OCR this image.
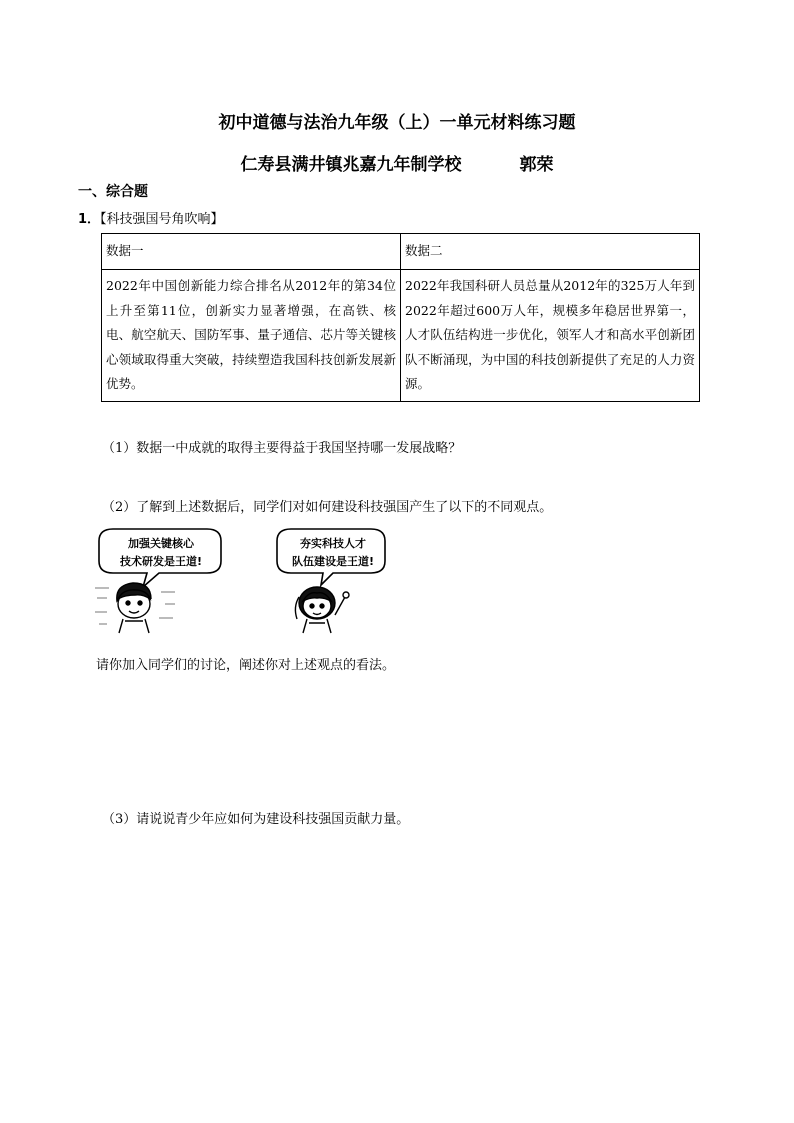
初中道德与法治九年级（上）一单元材料练习题
仁寿县满井镇兆嘉九年制学校	郭荣
一、综合题
1．【科技强国号角吹响】
数据一	数据二
2022年中国创新能力综合排名从2012年的第34位上升至第11位，创新实力显著增强，在高铁、核电、航空航天、国防军事、量子通信、芯片等关键核心领域取得重大突破，持续塑造我国科技创新发展新优势。	2022年我国科研人员总量从2012年的325万人年到2022年超过600万人年，规模多年稳居世界第一，人才队伍结构进一步优化，领军人才和高水平创新团队不断涌现，为中国的科技创新提供了充足的人力资源。
（1）数据一中成就的取得主要得益于我国坚持哪一发展战略？
（2）了解到上述数据后，同学们对如何建设科技强国产生了以下的不同观点。
加强关键核心
技术研发是王道!
夯实科技人才
队伍建设是王道!
请你加入同学们的讨论，阐述你对上述观点的看法。
（3）请说说青少年应如何为建设科技强国贡献力量。
